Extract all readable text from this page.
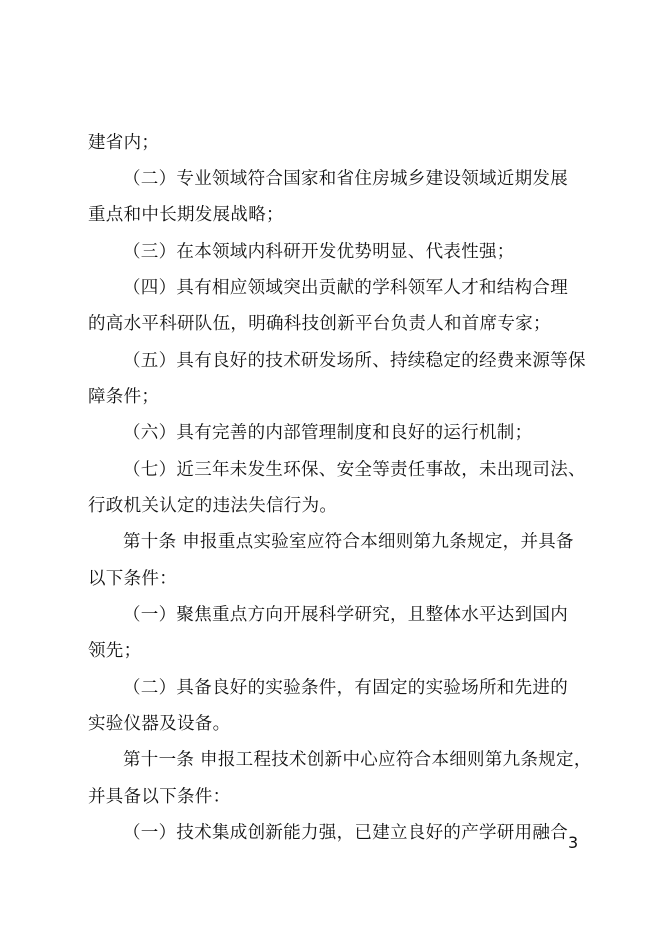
建省内；
（二）专业领域符合国家和省住房城乡建设领域近期发展
重点和中长期发展战略；
（三）在本领域内科研开发优势明显、代表性强；
（四）具有相应领域突出贡献的学科领军人才和结构合理
的高水平科研队伍，明确科技创新平台负责人和首席专家；
（五）具有良好的技术研发场所、持续稳定的经费来源等保
障条件；
（六）具有完善的内部管理制度和良好的运行机制；
（七）近三年未发生环保、安全等责任事故，未出现司法、
行政机关认定的违法失信行为。
第十条 申报重点实验室应符合本细则第九条规定，并具备
以下条件：
（一）聚焦重点方向开展科学研究，且整体水平达到国内
领先；
（二）具备良好的实验条件，有固定的实验场所和先进的
实验仪器及设备。
第十一条 申报工程技术创新中心应符合本细则第九条规定，
并具备以下条件：
（一）技术集成创新能力强，已建立良好的产学研用融合 3
